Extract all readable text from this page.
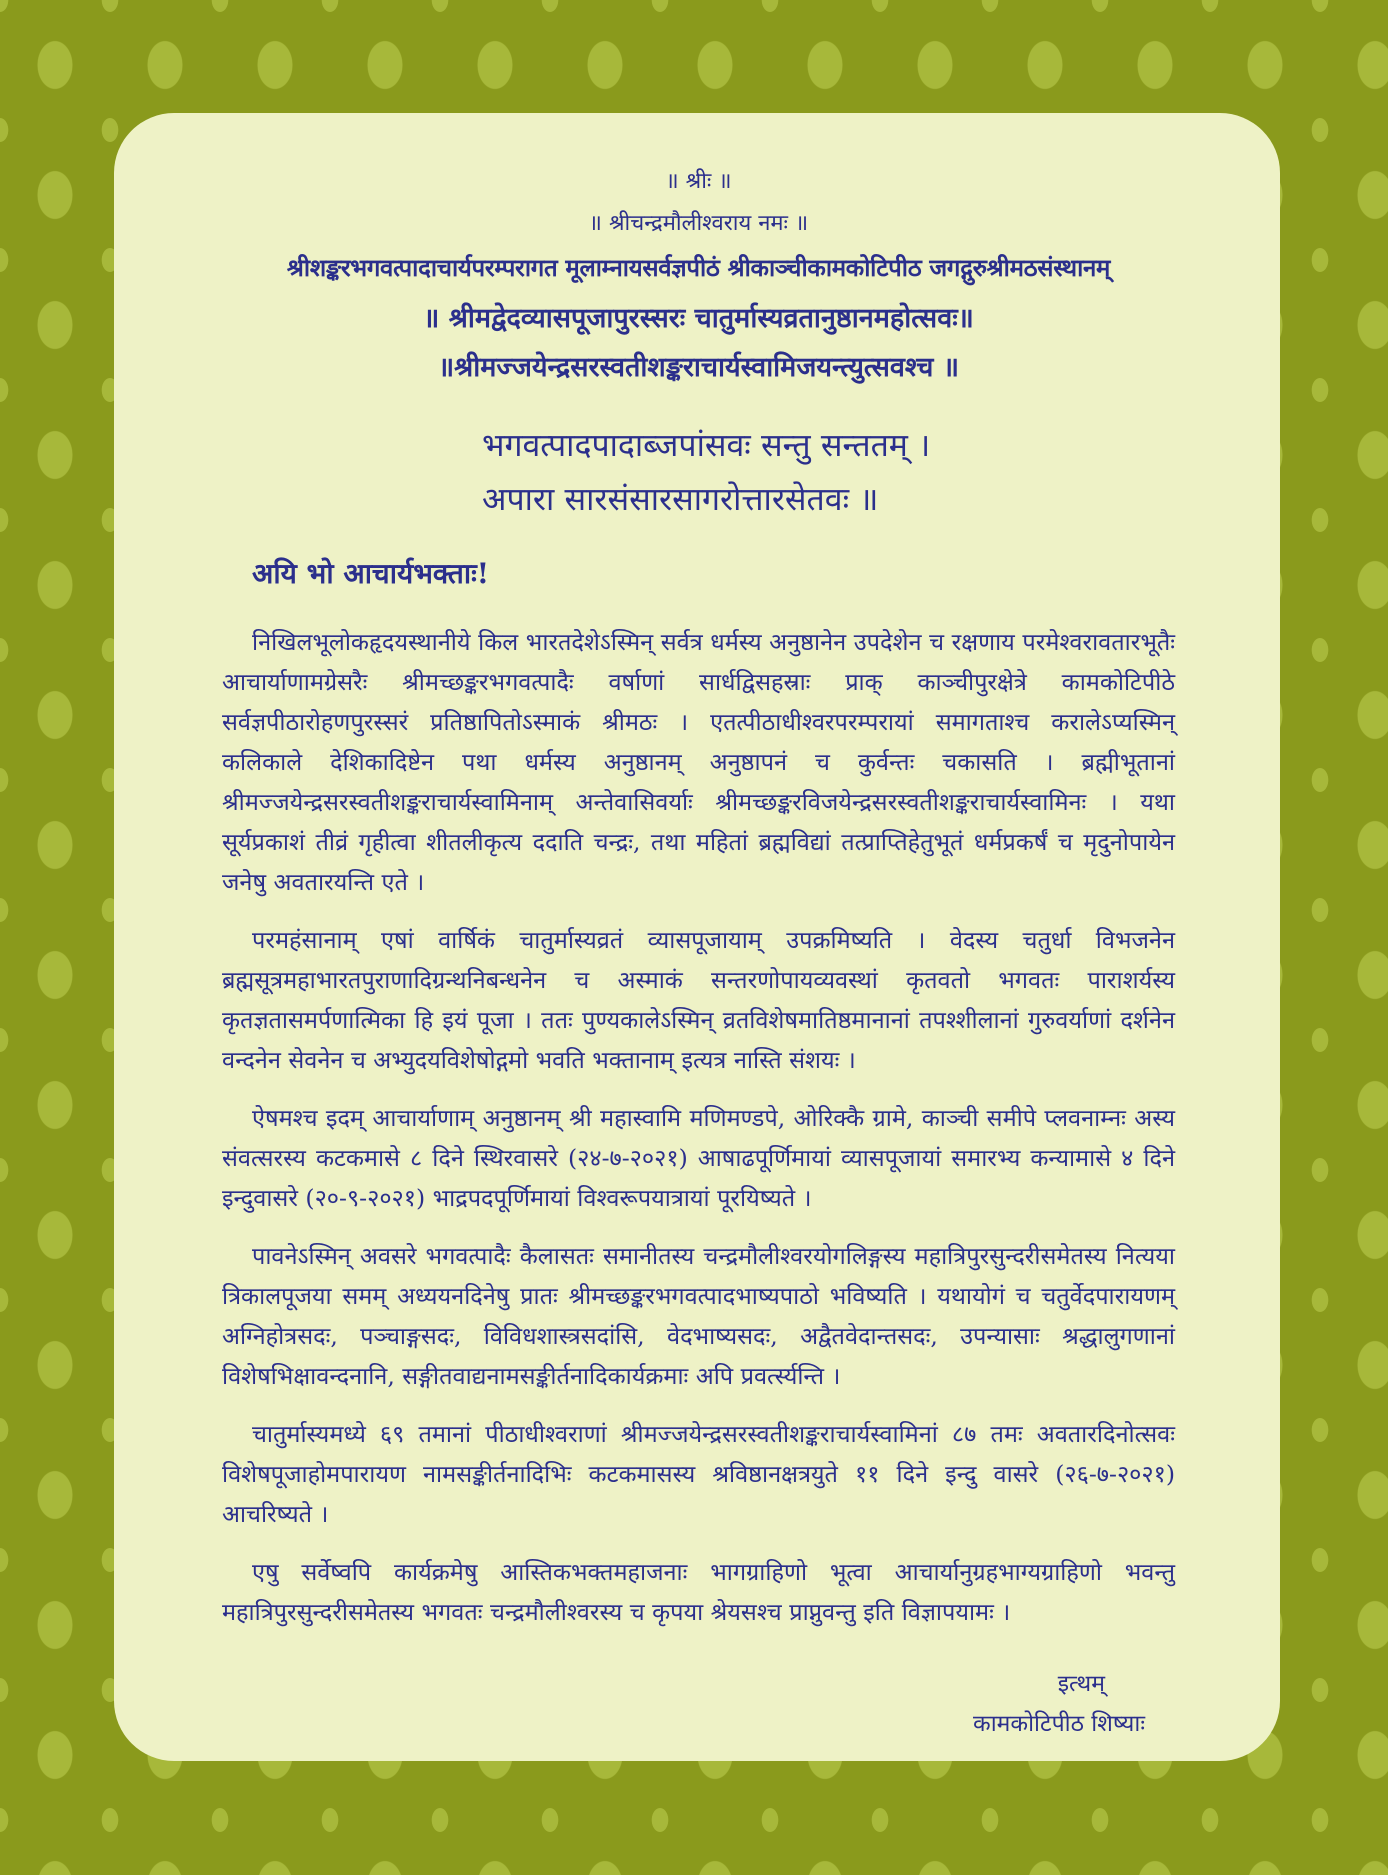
॥ श्रीः ॥
॥ श्रीचन्द्रमौलीश्वराय नमः ॥
श्रीशङ्करभगवत्पादाचार्यपरम्परागत मूलाम्नायसर्वज्ञपीठं श्रीकाञ्चीकामकोटिपीठ जगद्गुरुश्रीमठसंस्थानम्
॥ श्रीमद्वेदव्यासपूजापुरस्सरः चातुर्मास्यव्रतानुष्ठानमहोत्सवः॥
॥श्रीमज्जयेन्द्रसरस्वतीशङ्कराचार्यस्वामिजयन्त्युत्सवश्च ॥
भगवत्पादपादाब्जपांसवः सन्तु सन्ततम् ।
अपारा सारसंसारसागरोत्तारसेतवः ॥
अयि भो आचार्यभक्ताः!

निखिलभूलोकहृदयस्थानीये किल भारतदेशेऽस्मिन् सर्वत्र धर्मस्य अनुष्ठानेन उपदेशेन च रक्षणाय परमेश्वरावतारभूतैः आचार्याणामग्रेसरैः श्रीमच्छङ्करभगवत्पादैः वर्षाणां सार्धद्विसहस्राः प्राक् काञ्चीपुरक्षेत्रे कामकोटिपीठे सर्वज्ञपीठारोहणपुरस्सरं प्रतिष्ठापितोऽस्माकं श्रीमठः । एतत्पीठाधीश्वरपरम्परायां समागताश्च करालेऽप्यस्मिन् कलिकाले देशिकादिष्टेन पथा धर्मस्य अनुष्ठानम् अनुष्ठापनं च कुर्वन्तः चकासति । ब्रह्मीभूतानां श्रीमज्जयेन्द्रसरस्वतीशङ्कराचार्यस्वामिनाम् अन्तेवासिवर्याः श्रीमच्छङ्करविजयेन्द्रसरस्वतीशङ्कराचार्यस्वामिनः । यथा सूर्यप्रकाशं तीव्रं गृहीत्वा शीतलीकृत्य ददाति चन्द्रः, तथा महितां ब्रह्मविद्यां तत्प्राप्तिहेतुभूतं धर्मप्रकर्षं च मृदुनोपायेन जनेषु अवतारयन्ति एते ।

परमहंसानाम् एषां वार्षिकं चातुर्मास्यव्रतं व्यासपूजायाम् उपक्रमिष्यति । वेदस्य चतुर्धा विभजनेन ब्रह्मसूत्रमहाभारतपुराणादिग्रन्थनिबन्धनेन च अस्माकं सन्तरणोपायव्यवस्थां कृतवतो भगवतः पाराशर्यस्य कृतज्ञतासमर्पणात्मिका हि इयं पूजा । ततः पुण्यकालेऽस्मिन् व्रतविशेषमातिष्ठमानानां तपश्शीलानां गुरुवर्याणां दर्शनेन वन्दनेन सेवनेन च अभ्युदयविशेषोद्गमो भवति भक्तानाम् इत्यत्र नास्ति संशयः ।

ऐषमश्च इदम् आचार्याणाम् अनुष्ठानम् श्री महास्वामि मणिमण्डपे, ओरिक्कै ग्रामे, काञ्ची समीपे प्लवनाम्नः अस्य संवत्सरस्य कटकमासे ८ दिने स्थिरवासरे (२४-७-२०२१) आषाढपूर्णिमायां व्यासपूजायां समारभ्य कन्यामासे ४ दिने इन्दुवासरे (२०-९-२०२१) भाद्रपदपूर्णिमायां विश्वरूपयात्रायां पूरयिष्यते ।

पावनेऽस्मिन् अवसरे भगवत्पादैः कैलासतः समानीतस्य चन्द्रमौलीश्वरयोगलिङ्गस्य महात्रिपुरसुन्दरीसमेतस्य नित्यया त्रिकालपूजया समम् अध्ययनदिनेषु प्रातः श्रीमच्छङ्करभगवत्पादभाष्यपाठो भविष्यति । यथायोगं च चतुर्वेदपारायणम् अग्निहोत्रसदः, पञ्चाङ्गसदः, विविधशास्त्रसदांसि, वेदभाष्यसदः, अद्वैतवेदान्तसदः, उपन्यासाः श्रद्धालुगणानां विशेषभिक्षावन्दनानि, सङ्गीतवाद्यनामसङ्कीर्तनादिकार्यक्रमाः अपि प्रवर्त्स्यन्ति ।

चातुर्मास्यमध्ये ६९ तमानां पीठाधीश्वराणां श्रीमज्जयेन्द्रसरस्वतीशङ्कराचार्यस्वामिनां ८७ तमः अवतारदिनोत्सवः विशेषपूजाहोमपारायण नामसङ्कीर्तनादिभिः कटकमासस्य श्रविष्ठानक्षत्रयुते ११ दिने इन्दु वासरे (२६-७-२०२१) आचरिष्यते ।

एषु सर्वेष्वपि कार्यक्रमेषु आस्तिकभक्तमहाजनाः भागग्राहिणो भूत्वा आचार्यानुग्रहभाग्यग्राहिणो भवन्तु महात्रिपुरसुन्दरीसमेतस्य भगवतः चन्द्रमौलीश्वरस्य च कृपया श्रेयसश्च प्राप्नुवन्तु इति विज्ञापयामः ।

इत्थम्
कामकोटिपीठ शिष्याः
